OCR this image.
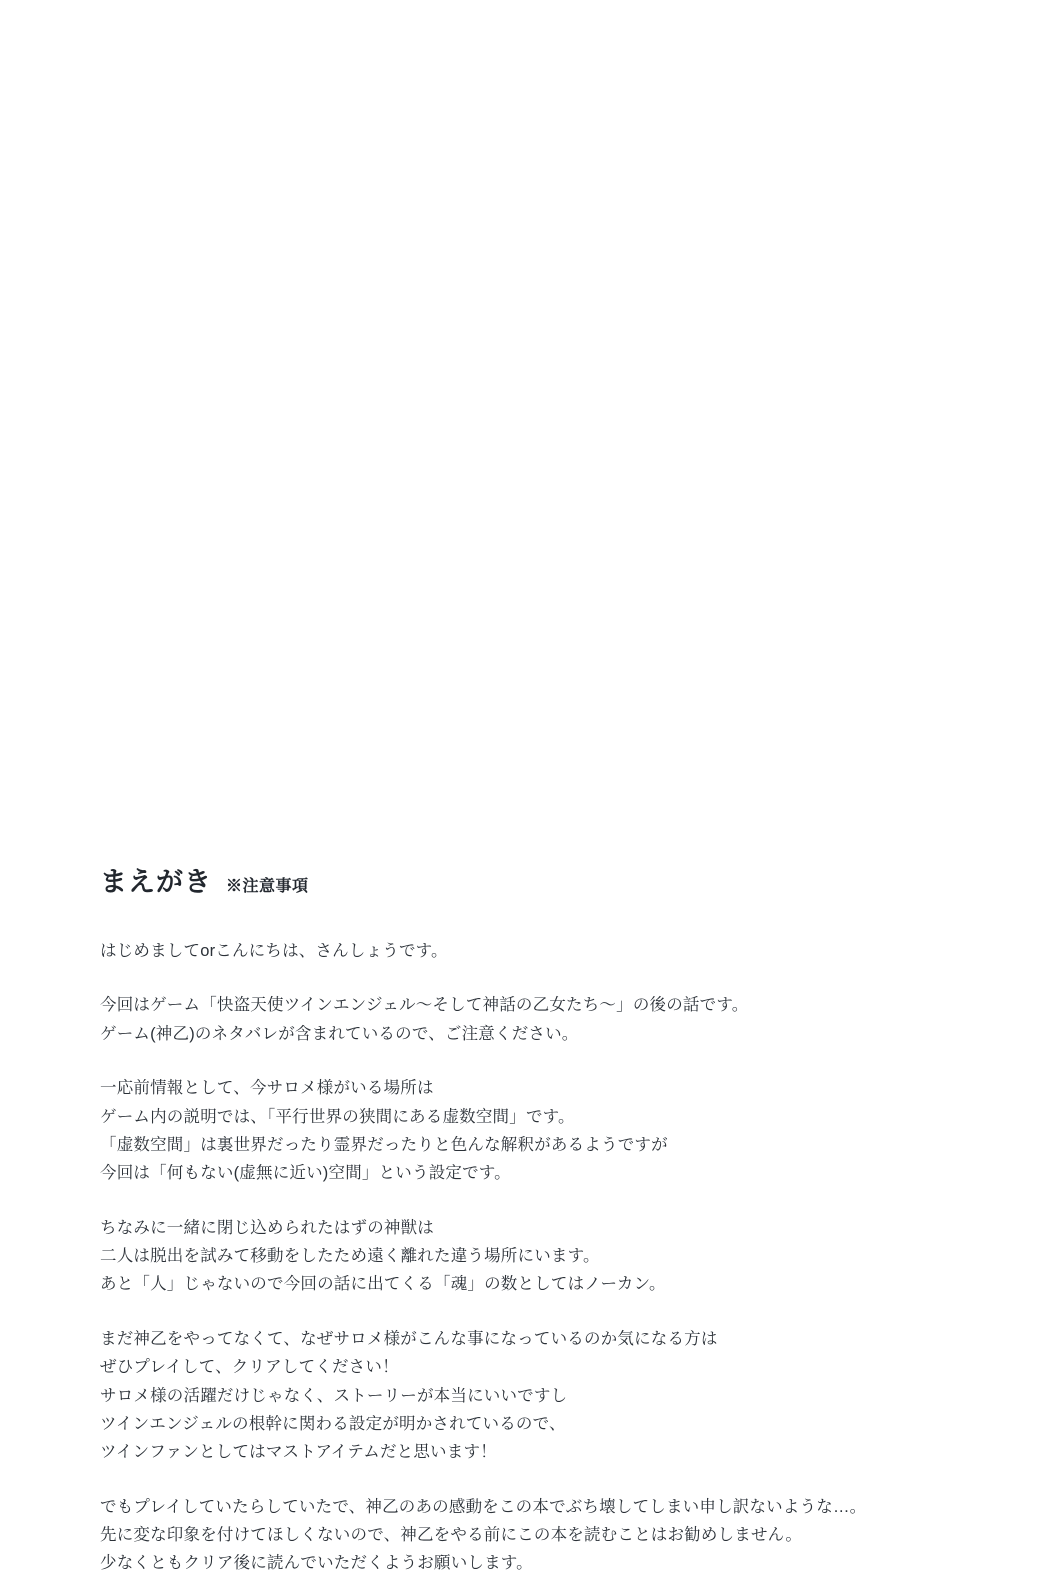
まえがき ※注意事項

はじめましてorこんにちは、さんしょうです。

今回はゲーム「快盗天使ツインエンジェル～そして神話の乙女たち～」の後の話です。
ゲーム(神乙)のネタバレが含まれているので、ご注意ください。

一応前情報として、今サロメ様がいる場所は
ゲーム内の説明では、「平行世界の狭間にある虚数空間」です。
「虚数空間」は裏世界だったり霊界だったりと色んな解釈があるようですが
今回は「何もない(虚無に近い)空間」という設定です。

ちなみに一緒に閉じ込められたはずの神獣は
二人は脱出を試みて移動をしたため遠く離れた違う場所にいます。
あと「人」じゃないので今回の話に出てくる「魂」の数としてはノーカン。

まだ神乙をやってなくて、なぜサロメ様がこんな事になっているのか気になる方は
ぜひプレイして、クリアしてください！
サロメ様の活躍だけじゃなく、ストーリーが本当にいいですし
ツインエンジェルの根幹に関わる設定が明かされているので、
ツインファンとしてはマストアイテムだと思います！

でもプレイしていたらしていたで、神乙のあの感動をこの本でぶち壊してしまい申し訳ないような…。
先に変な印象を付けてほしくないので、神乙をやる前にこの本を読むことはお勧めしません。
少なくともクリア後に読んでいただくようお願いします。
